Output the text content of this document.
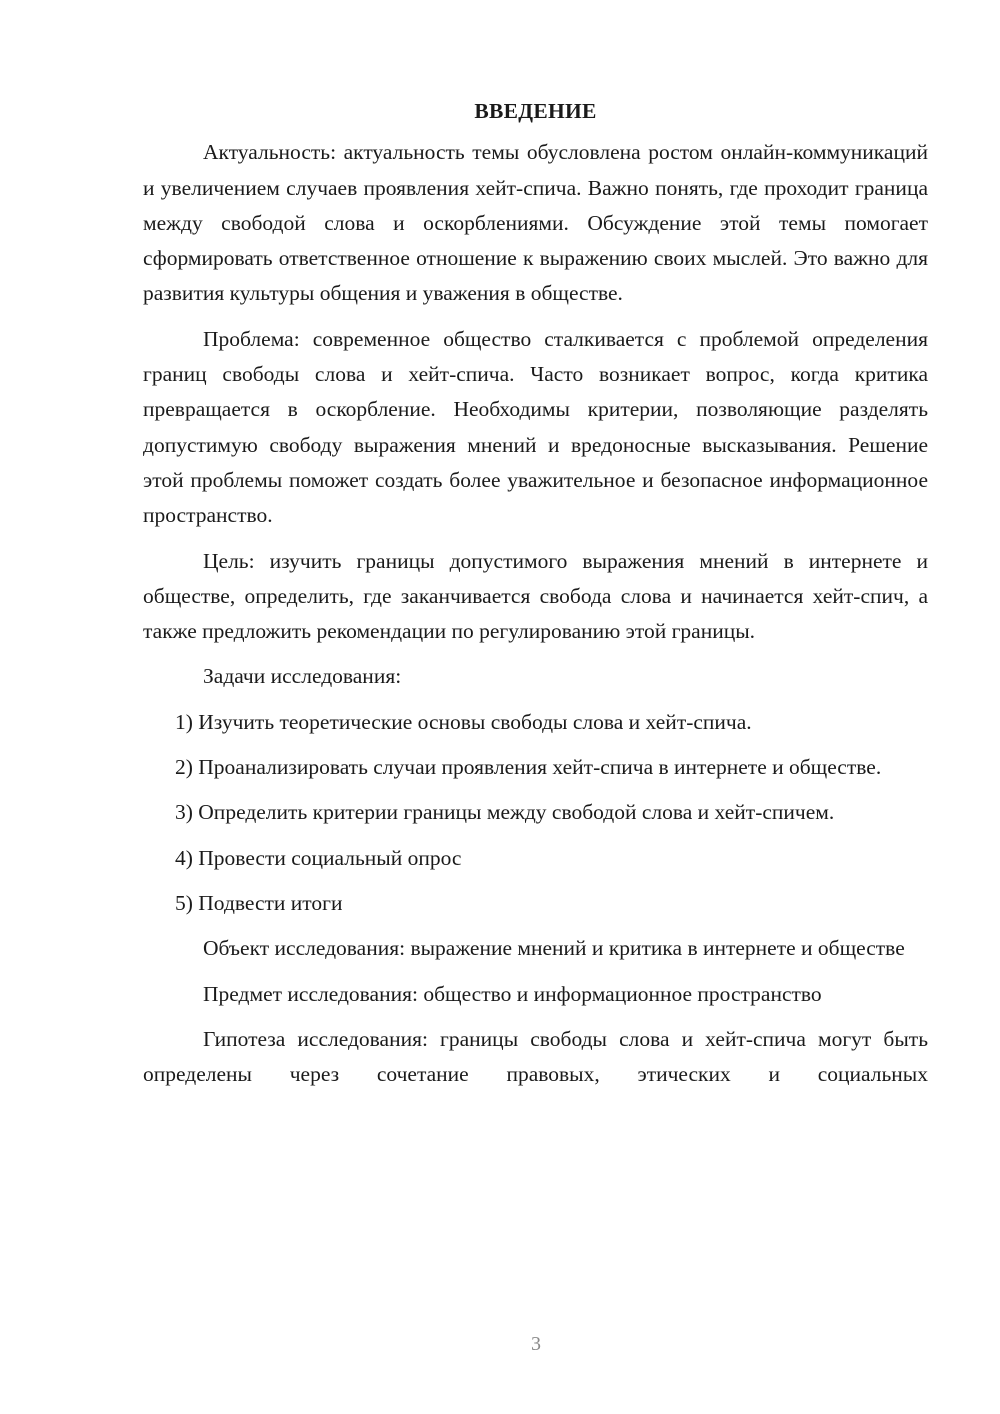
ВВЕДЕНИЕ

Актуальность: актуальность темы обусловлена ростом онлайн-коммуникаций и увеличением случаев проявления хейт-спича. Важно понять, где проходит граница между свободой слова и оскорблениями. Обсуждение этой темы помогает сформировать ответственное отношение к выражению своих мыслей. Это важно для развития культуры общения и уважения в обществе.

Проблема: современное общество сталкивается с проблемой определения границ свободы слова и хейт-спича. Часто возникает вопрос, когда критика превращается в оскорбление. Необходимы критерии, позволяющие разделять допустимую свободу выражения мнений и вредоносные высказывания. Решение этой проблемы поможет создать более уважительное и безопасное информационное пространство.

Цель: изучить границы допустимого выражения мнений в интернете и обществе, определить, где заканчивается свобода слова и начинается хейт-спич, а также предложить рекомендации по регулированию этой границы.

Задачи исследования:

1) Изучить теоретические основы свободы слова и хейт-спича.

2) Проанализировать случаи проявления хейт-спича в интернете и обществе.

3) Определить критерии границы между свободой слова и хейт-спичем.

4) Провести социальный опрос

5) Подвести итоги

Объект исследования: выражение мнений и критика в интернете и обществе

Предмет исследования: общество и информационное пространство

Гипотеза исследования: границы свободы слова и хейт-спича могут быть определены через сочетание правовых, этических и социальных

3
